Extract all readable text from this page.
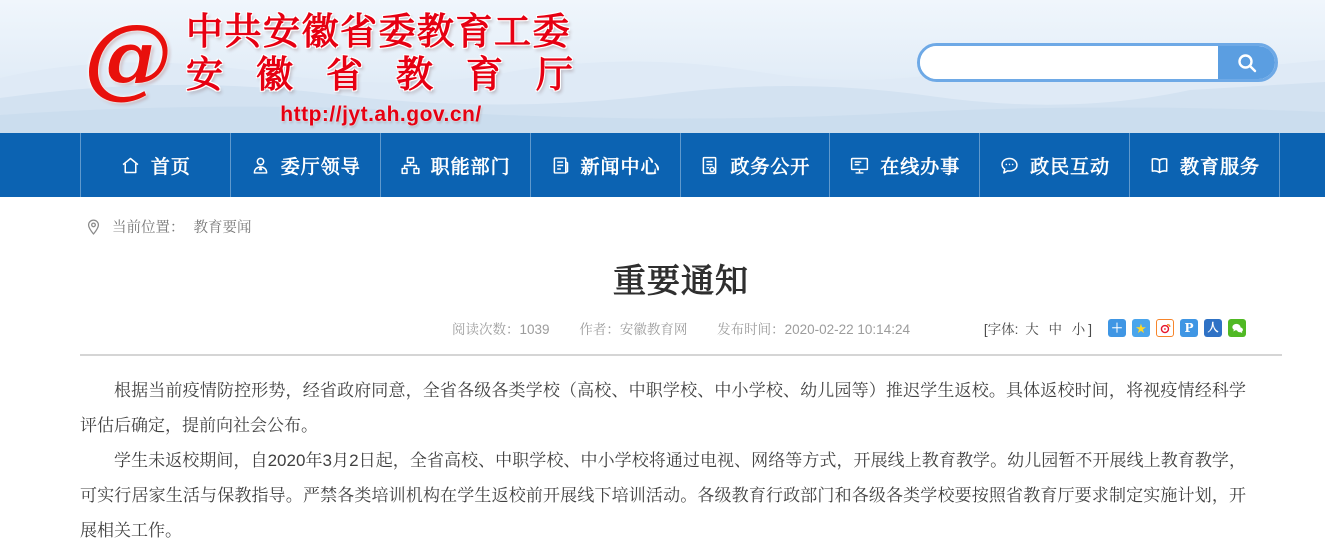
@ 中共安徽省委教育工委
安徽省教育厅
http://jyt.ah.gov.cn/
首页	委厅领导	职能部门	新闻中心	政务公开	在线办事	政民互动	教育服务
当前位置： 教育要闻
重要通知
阅读次数：1039 作者：安徽教育网 发布时间：2020-02-22 10:14:24	[字体: 大 中 小 ] ＋ ★	P	人

根据当前疫情防控形势，经省政府同意，全省各级各类学校（高校、中职学校、中小学校、幼儿园等）推迟学生返校。具体返校时间，将视疫情经科学评估后确定，提前向社会公布。

学生未返校期间，自2020年3月2日起，全省高校、中职学校、中小学校将通过电视、网络等方式，开展线上教育教学。幼儿园暂不开展线上教育教学，可实行居家生活与保教指导。严禁各类培训机构在学生返校前开展线下培训活动。各级教育行政部门和各级各类学校要按照省教育厅要求制定实施计划，开展相关工作。
